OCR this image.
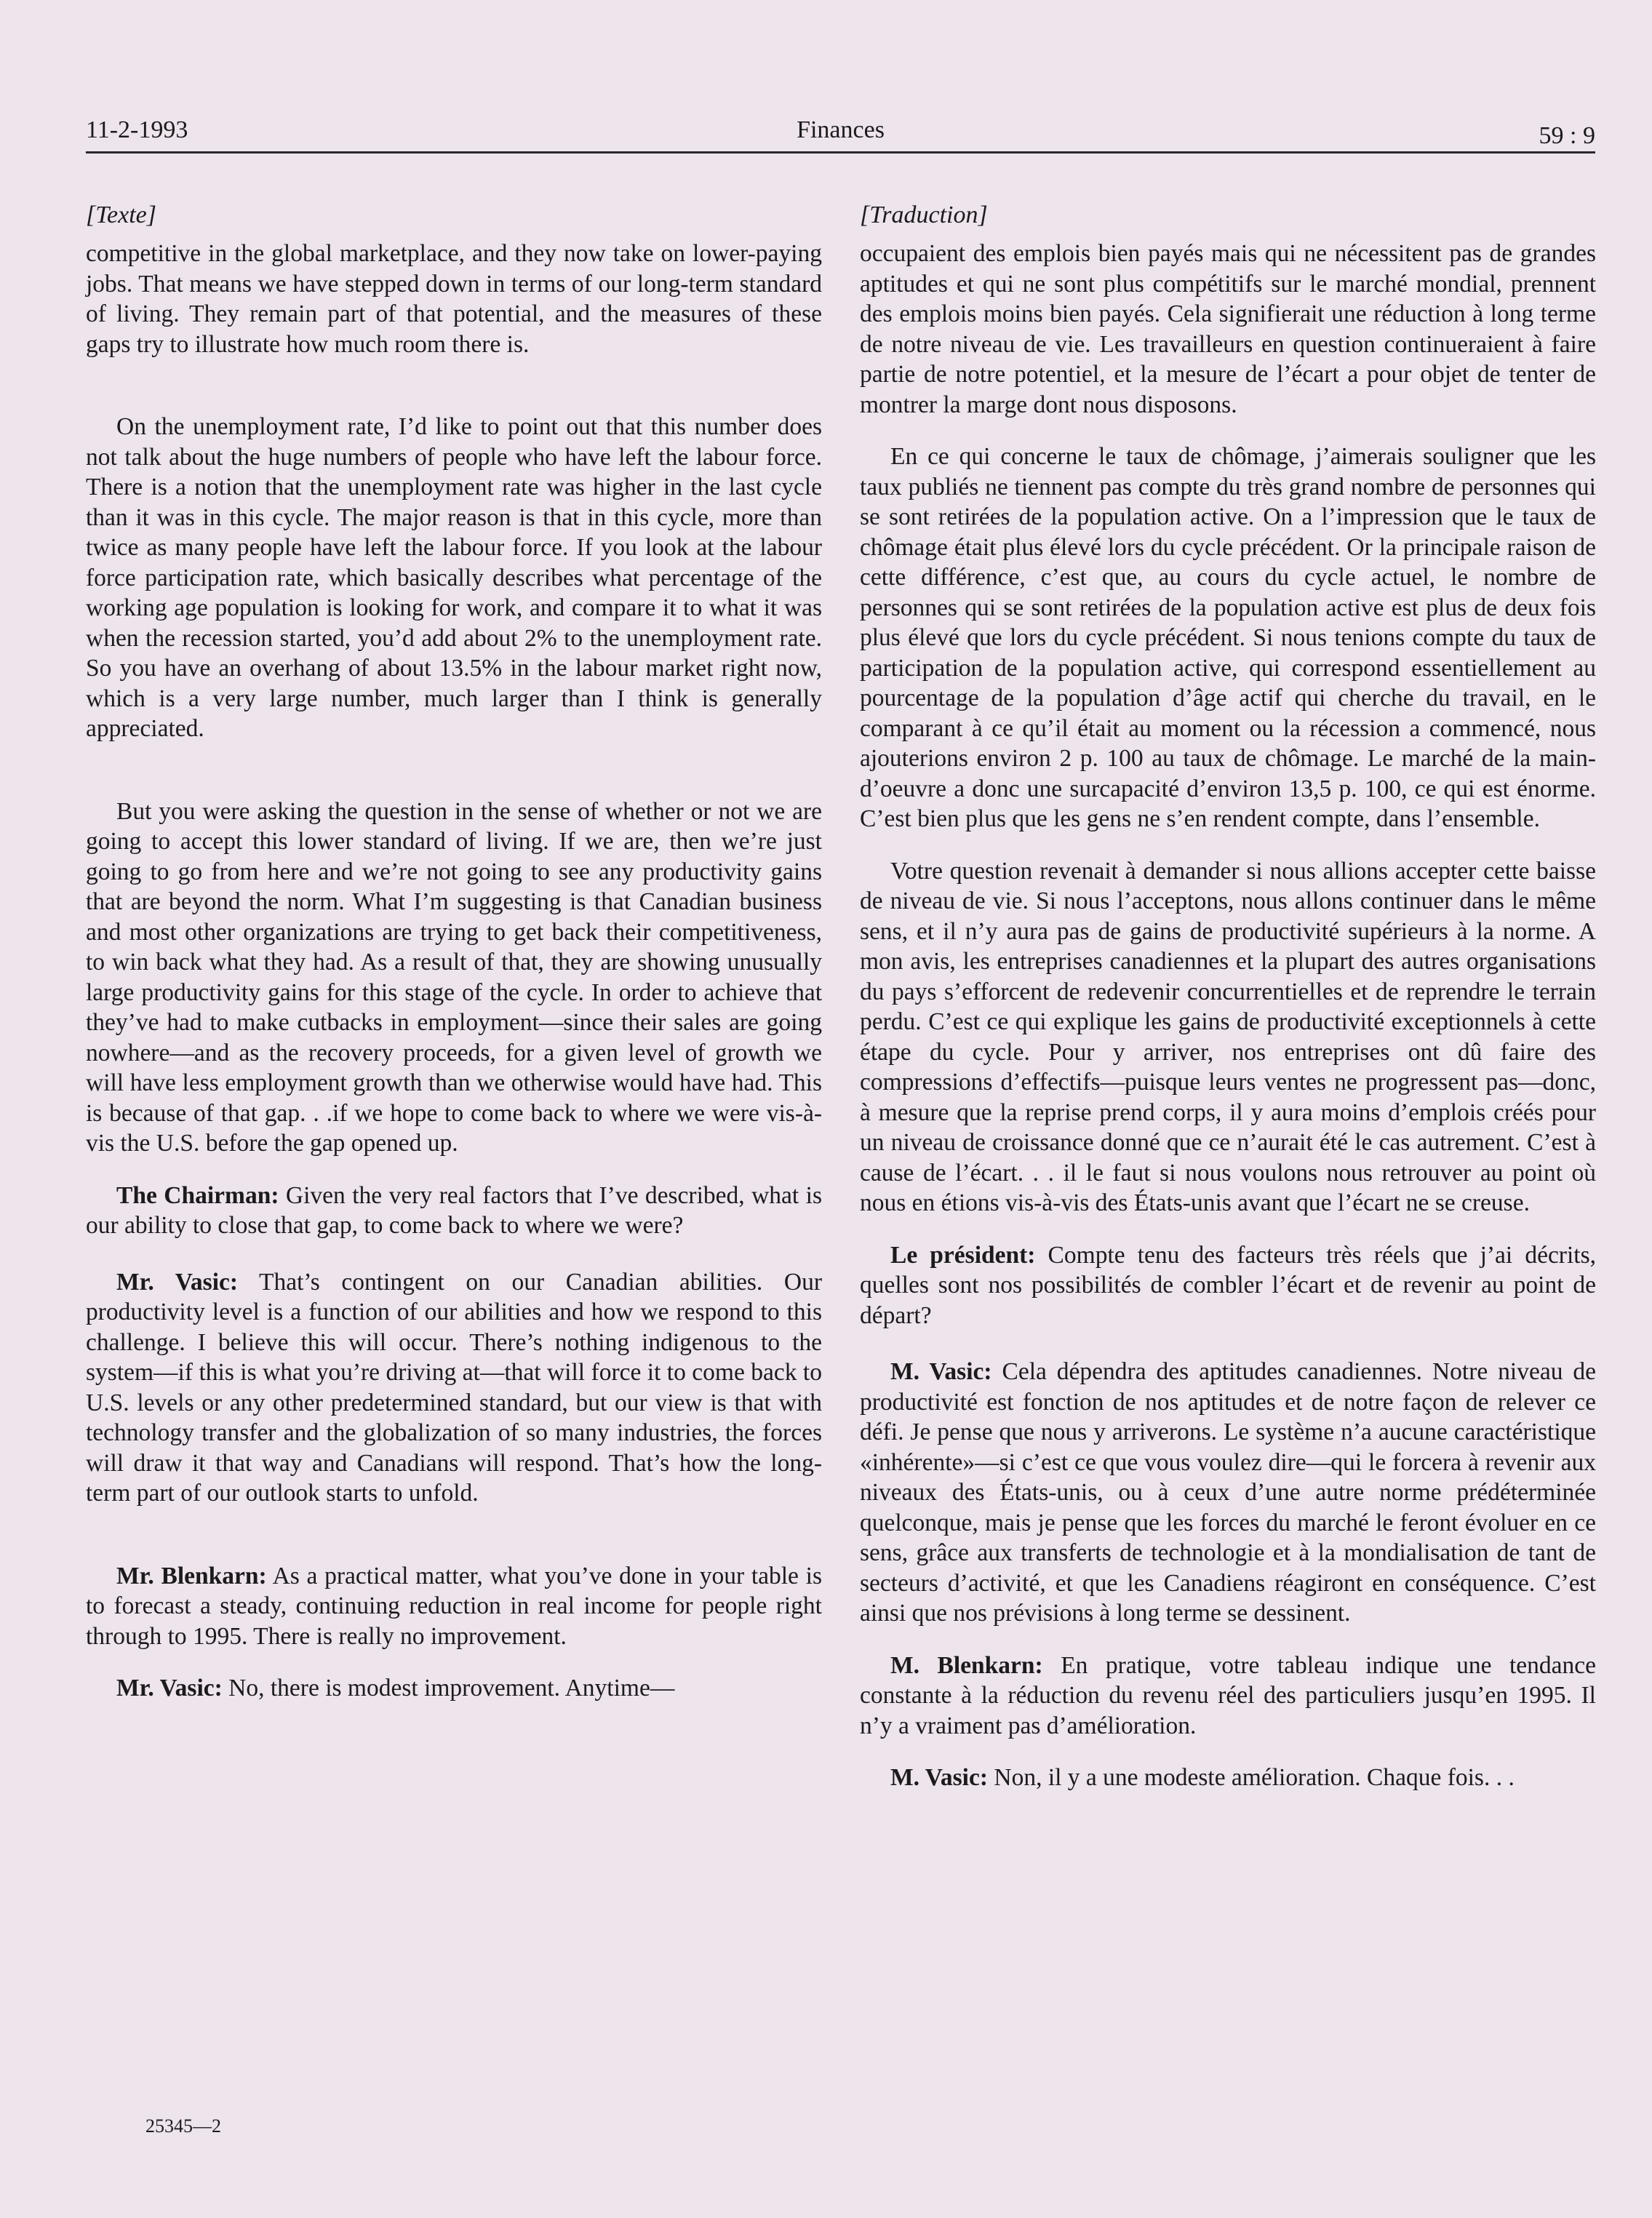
11-2-1993	Finances	59 : 9
[Texte]

competitive in the global marketplace, and they now take on lower-paying jobs. That means we have stepped down in terms of our long-term standard of living. They remain part of that potential, and the measures of these gaps try to illustrate how much room there is.

On the unemployment rate, I’d like to point out that this number does not talk about the huge numbers of people who have left the labour force. There is a notion that the unemployment rate was higher in the last cycle than it was in this cycle. The major reason is that in this cycle, more than twice as many people have left the labour force. If you look at the labour force participation rate, which basically describes what percentage of the working age population is looking for work, and compare it to what it was when the recession started, you’d add about 2% to the unemployment rate. So you have an overhang of about 13.5% in the labour market right now, which is a very large number, much larger than I think is generally appreciated.

But you were asking the question in the sense of whether or not we are going to accept this lower standard of living. If we are, then we’re just going to go from here and we’re not going to see any productivity gains that are beyond the norm. What I’m suggesting is that Canadian business and most other organizations are trying to get back their competitiveness, to win back what they had. As a result of that, they are showing unusually large productivity gains for this stage of the cycle. In order to achieve that they’ve had to make cutbacks in employment—since their sales are going nowhere—and as the recovery proceeds, for a given level of growth we will have less employment growth than we otherwise would have had. This is because of that gap. . .if we hope to come back to where we were vis-à-vis the U.S. before the gap opened up.

The Chairman: Given the very real factors that I’ve described, what is our ability to close that gap, to come back to where we were?

Mr. Vasic: That’s contingent on our Canadian abilities. Our productivity level is a function of our abilities and how we respond to this challenge. I believe this will occur. There’s nothing indigenous to the system—if this is what you’re driving at—that will force it to come back to U.S. levels or any other predetermined standard, but our view is that with technology transfer and the globalization of so many industries, the forces will draw it that way and Canadians will respond. That’s how the long-term part of our outlook starts to unfold.

Mr. Blenkarn: As a practical matter, what you’ve done in your table is to forecast a steady, continuing reduction in real income for people right through to 1995. There is really no improvement.

Mr. Vasic: No, there is modest improvement. Anytime—

[Traduction]

occupaient des emplois bien payés mais qui ne nécessitent pas de grandes aptitudes et qui ne sont plus compétitifs sur le marché mondial, prennent des emplois moins bien payés. Cela signifierait une réduction à long terme de notre niveau de vie. Les travailleurs en question continueraient à faire partie de notre potentiel, et la mesure de l’écart a pour objet de tenter de montrer la marge dont nous disposons.

En ce qui concerne le taux de chômage, j’aimerais souligner que les taux publiés ne tiennent pas compte du très grand nombre de personnes qui se sont retirées de la population active. On a l’impression que le taux de chômage était plus élevé lors du cycle précédent. Or la principale raison de cette différence, c’est que, au cours du cycle actuel, le nombre de personnes qui se sont retirées de la population active est plus de deux fois plus élevé que lors du cycle précédent. Si nous tenions compte du taux de participation de la population active, qui correspond essentiellement au pourcentage de la population d’âge actif qui cherche du travail, en le comparant à ce qu’il était au moment ou la récession a commencé, nous ajouterions environ 2 p. 100 au taux de chômage. Le marché de la main-d’oeuvre a donc une surcapacité d’environ 13,5 p. 100, ce qui est énorme. C’est bien plus que les gens ne s’en rendent compte, dans l’ensemble.

Votre question revenait à demander si nous allions accepter cette baisse de niveau de vie. Si nous l’acceptons, nous allons continuer dans le même sens, et il n’y aura pas de gains de productivité supérieurs à la norme. A mon avis, les entreprises canadiennes et la plupart des autres organisations du pays s’efforcent de redevenir concurrentielles et de reprendre le terrain perdu. C’est ce qui explique les gains de productivité exceptionnels à cette étape du cycle. Pour y arriver, nos entreprises ont dû faire des compressions d’effectifs—puisque leurs ventes ne progressent pas—donc, à mesure que la reprise prend corps, il y aura moins d’emplois créés pour un niveau de croissance donné que ce n’aurait été le cas autrement. C’est à cause de l’écart. . . il le faut si nous voulons nous retrouver au point où nous en étions vis-à-vis des États-unis avant que l’écart ne se creuse.

Le président: Compte tenu des facteurs très réels que j’ai décrits, quelles sont nos possibilités de combler l’écart et de revenir au point de départ?

M. Vasic: Cela dépendra des aptitudes canadiennes. Notre niveau de productivité est fonction de nos aptitudes et de notre façon de relever ce défi. Je pense que nous y arriverons. Le système n’a aucune caractéristique «inhérente»—si c’est ce que vous voulez dire—qui le forcera à revenir aux niveaux des États-unis, ou à ceux d’une autre norme prédéterminée quelconque, mais je pense que les forces du marché le feront évoluer en ce sens, grâce aux transferts de technologie et à la mondialisation de tant de secteurs d’activité, et que les Canadiens réagiront en conséquence. C’est ainsi que nos prévisions à long terme se dessinent.

M. Blenkarn: En pratique, votre tableau indique une tendance constante à la réduction du revenu réel des particuliers jusqu’en 1995. Il n’y a vraiment pas d’amélioration.

M. Vasic: Non, il y a une modeste amélioration. Chaque fois. . .

25345—2
